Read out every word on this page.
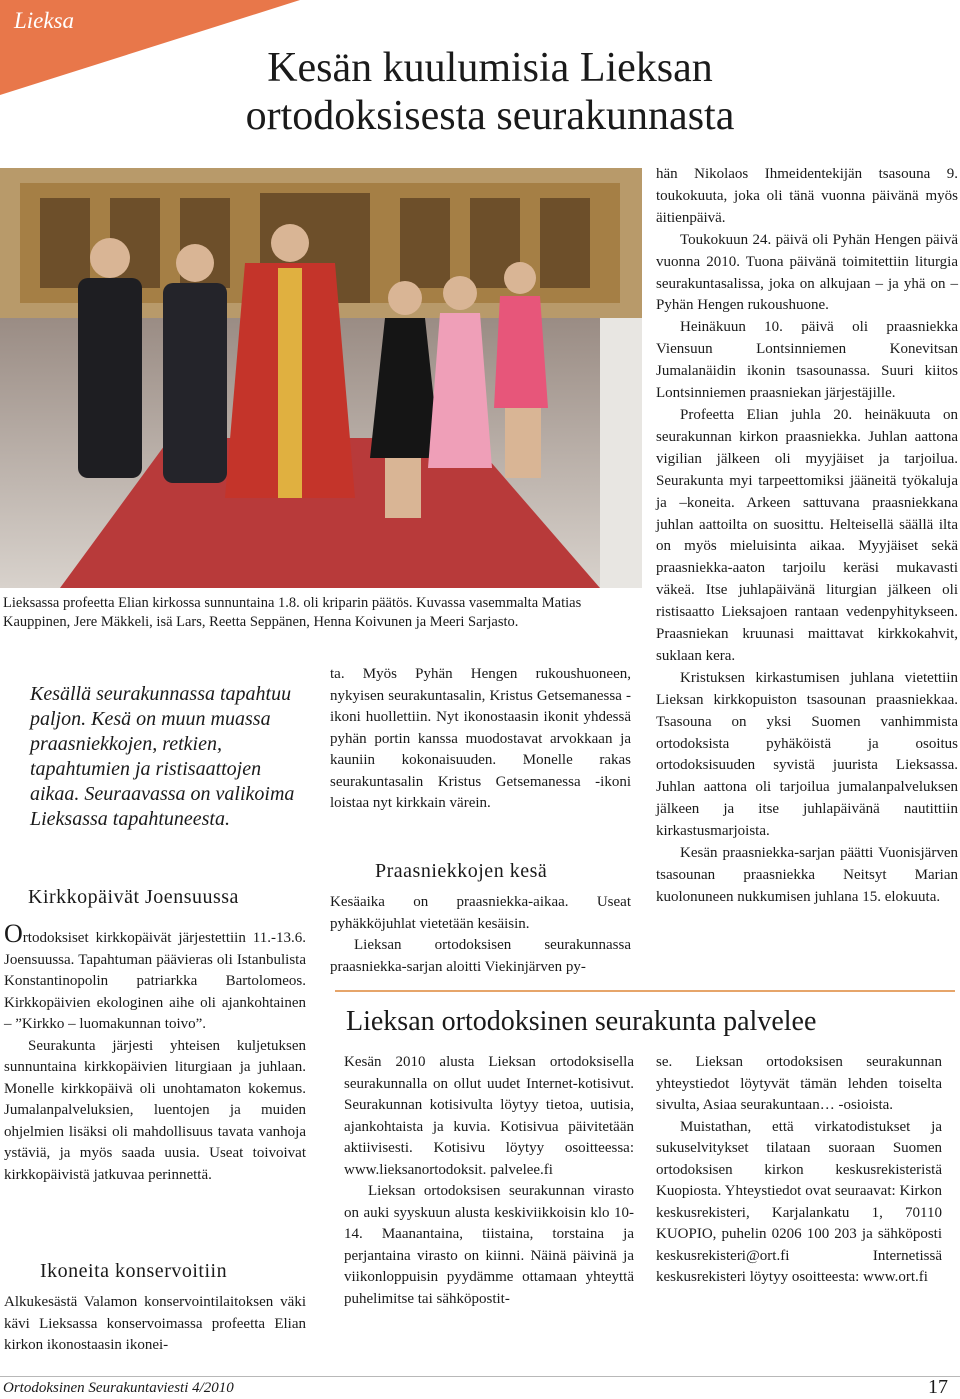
Lieksa
Kesän kuulumisia Lieksan
ortodoksisesta seurakunnasta
Lieksassa profeetta Elian kirkossa sunnuntaina 1.8. oli kriparin päätös. Kuvassa vasemmalta Matias Kauppinen, Jere Mäkkeli, isä Lars, Reetta Seppänen, Henna Koivunen ja Meeri Sarjasto.
Kesällä seurakunnassa tapahtuu paljon. Kesä on muun muassa praasniekkojen, retkien, tapahtumien ja ristisaattojen aikaa. Seuraavassa on valikoima Lieksassa tapahtuneesta.
Kirkkopäivät Joensuussa

Ortodoksiset kirkkopäivät järjestettiin 11.-13.6. Joensuussa. Tapahtuman päävieras oli Istanbulista Konstantinopolin patriarkka Bartolomeos. Kirkkopäivien ekologinen aihe oli ajankohtainen – ”Kirkko – luomakunnan toivo”.

Seurakunta järjesti yhteisen kuljetuksen sunnuntaina kirkkopäivien liturgiaan ja juhlaan. Monelle kirkkopäivä oli unohtamaton kokemus. Jumalanpalveluksien, luentojen ja muiden ohjelmien lisäksi oli mahdollisuus tavata vanhoja ystäviä, ja myös saada uusia. Useat toivoivat kirkkopäivistä jatkuvaa perinnettä.

Ikoneita konservoitiin

Alkukesästä Valamon konservointilaitoksen väki kävi Lieksassa konservoimassa profeetta Elian kirkon ikonostaasin ikonei-

ta. Myös Pyhän Hengen rukoushuoneen, nykyisen seurakuntasalin, Kristus Getsemanessa -ikoni huollettiin. Nyt ikonostaasin ikonit yhdessä pyhän portin kanssa muodostavat arvokkaan ja kauniin kokonaisuuden. Monelle rakas seurakuntasalin Kristus Getsemanessa -ikoni loistaa nyt kirkkain värein.

Praasniekkojen kesä

Kesäaika on praasniekka-aikaa. Useat pyhäkköjuhlat vietetään kesäisin.

Lieksan ortodoksisen seurakunnassa praasniekka-sarjan aloitti Viekinjärven py-

hän Nikolaos Ihmeidentekijän tsasouna 9. toukokuuta, joka oli tänä vuonna päivänä myös äitienpäivä.

Toukokuun 24. päivä oli Pyhän Hengen päivä vuonna 2010. Tuona päivänä toimitettiin liturgia seurakuntasalissa, joka on alkujaan – ja yhä on – Pyhän Hengen rukoushuone.

Heinäkuun 10. päivä oli praasniekka Viensuun Lontsinniemen Konevitsan Jumalanäidin ikonin tsasounassa. Suuri kiitos Lontsinniemen praasniekan järjestäjille.

Profeetta Elian juhla 20. heinäkuuta on seurakunnan kirkon praasniekka. Juhlan aattona vigilian jälkeen oli myyjäiset ja tarjoilua. Seurakunta myi tarpeettomiksi jääneitä työkaluja ja –koneita. Arkeen sattuvana praasniekkana juhlan aattoilta on suosittu. Helteisellä säällä ilta on myös mieluisinta aikaa. Myyjäiset sekä praasniekka-aaton tarjoilu keräsi mukavasti väkeä. Itse juhlapäivänä liturgian jälkeen oli ristisaatto Lieksajoen rantaan vedenpyhitykseen. Praasniekan kruunasi maittavat kirkkokahvit, suklaan kera.

Kristuksen kirkastumisen juhlana vietettiin Lieksan kirkkopuiston tsasounan praasniekkaa. Tsasouna on yksi Suomen vanhimmista ortodoksista pyhäköistä ja osoitus ortodoksisuuden syvistä juurista Lieksassa. Juhlan aattona oli tarjoilua jumalanpalveluksen jälkeen ja itse juhlapäivänä nautittiin kirkastusmarjoista.

Kesän praasniekka-sarjan päätti Vuonisjärven tsasounan praasniekka Neitsyt Marian kuolonuneen nukkumisen juhlana 15. elokuuta.

Lieksan ortodoksinen seurakunta palvelee

Kesän 2010 alusta Lieksan ortodoksisella seurakunnalla on ollut uudet Internet-kotisivut. Seurakunnan kotisivulta löytyy tietoa, uutisia, ajankohtaista ja kuvia. Kotisivua päivitetään aktiivisesti. Kotisivu löytyy osoitteessa: www.lieksanortodoksit. palvelee.fi

Lieksan ortodoksisen seurakunnan virasto on auki syyskuun alusta keskiviikkoisin klo 10-14. Maanantaina, tiistaina, torstaina ja perjantaina virasto on kiinni. Näinä päivinä ja viikonloppuisin pyydämme ottamaan yhteyttä puhelimitse tai sähköpostit-

se. Lieksan ortodoksisen seurakunnan yhteystiedot löytyvät tämän lehden toiselta sivulta, Asiaa seurakuntaan… -osioista.

Muistathan, että virkatodistukset ja sukuselvitykset tilataan suoraan Suomen ortodoksisen kirkon keskusrekisteristä Kuopiosta. Yhteystiedot ovat seuraavat: Kirkon keskusrekisteri, Karjalankatu 1, 70110 KUOPIO, puhelin 0206 100 203 ja sähköposti keskusrekisteri@ort.fi Internetissä keskusrekisteri löytyy osoitteesta: www.ort.fi

Ortodoksinen Seurakuntaviesti 4/2010	17
